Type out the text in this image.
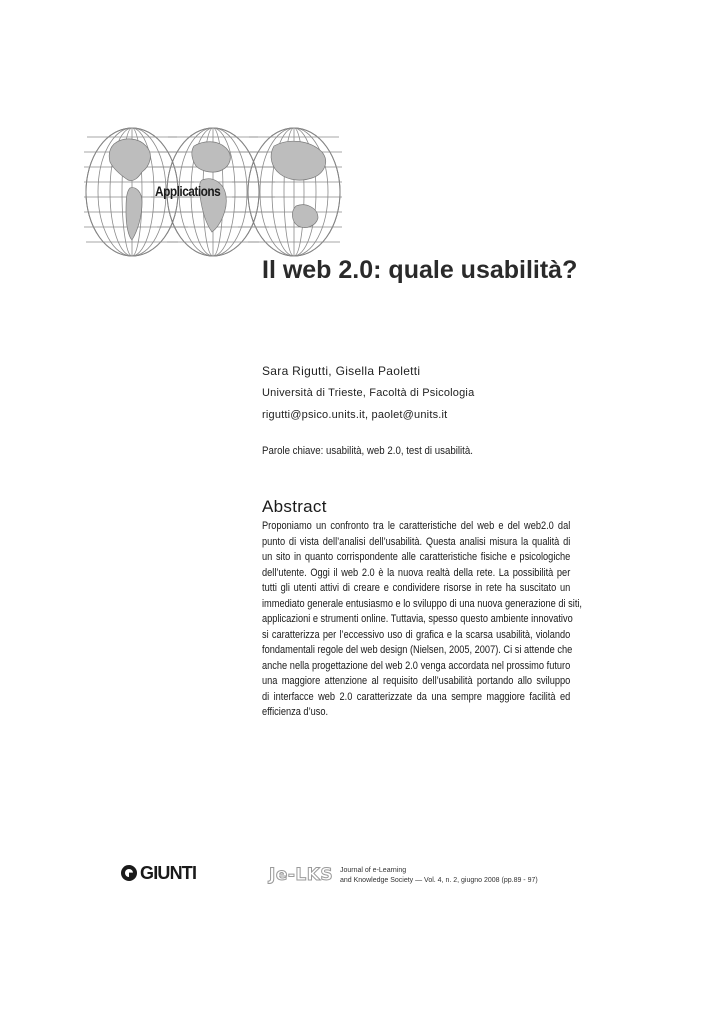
Applications
Il web 2.0: quale usabilità?
Sara Rigutti, Gisella Paoletti
Università di Trieste, Facoltà di Psicologia
rigutti@psico.units.it, paolet@units.it
Parole chiave: usabilità, web 2.0, test di usabilità.
Abstract
Proponiamo un confronto tra le caratteristiche del web e del web2.0 dal
punto di vista dell’analisi dell’usabilità. Questa analisi misura la qualità di
un sito in quanto corrispondente alle caratteristiche fisiche e psicologiche
dell’utente. Oggi il web 2.0 è la nuova realtà della rete. La possibilità per
tutti gli utenti attivi di creare e condividere risorse in rete ha suscitato un
immediato generale entusiasmo e lo sviluppo di una nuova generazione di siti,
applicazioni e strumenti online. Tuttavia, spesso questo ambiente innovativo
si caratterizza per l’eccessivo uso di grafica e la scarsa usabilità, violando
fondamentali regole del web design (Nielsen, 2005, 2007). Ci si attende che
anche nella progettazione del web 2.0 venga accordata nel prossimo futuro
una maggiore attenzione al requisito dell’usabilità portando allo sviluppo
di interfacce web 2.0 caratterizzate da una sempre maggiore facilità ed
efficienza d’uso.
GIUNTI	Je-LKS Journal of e-Learning
and Knowledge Society — Vol. 4, n. 2, giugno 2008 (pp.89 - 97)
